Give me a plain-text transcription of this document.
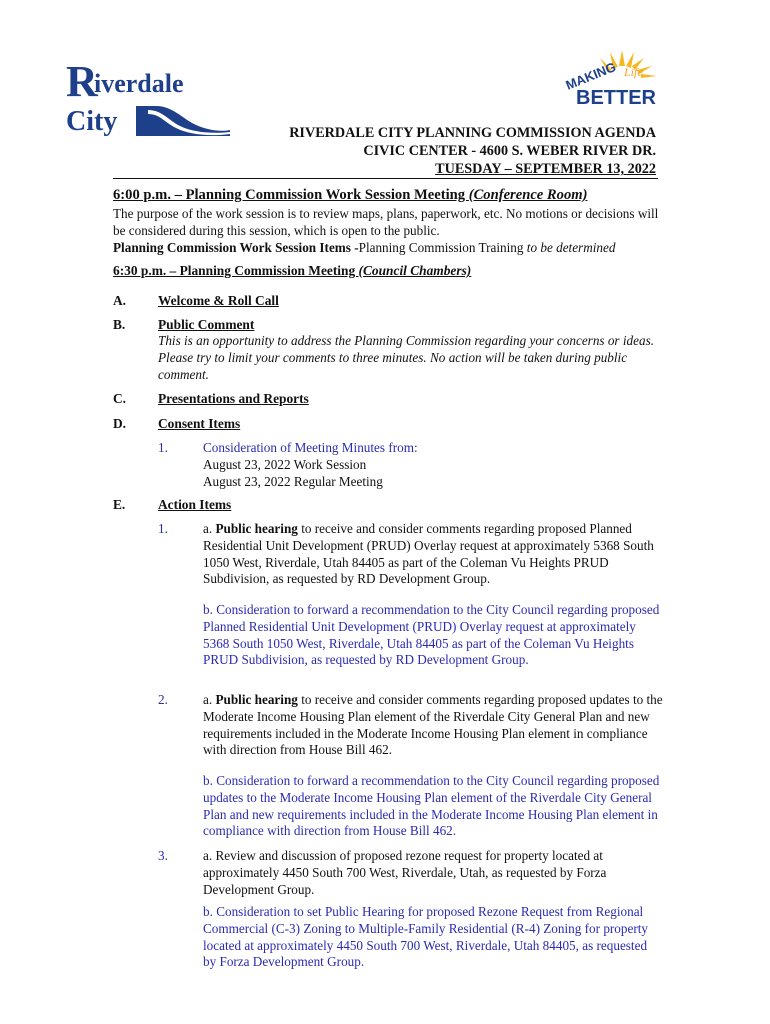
R
iverdale
City
MAKING Life
BETTER
RIVERDALE CITY PLANNING COMMISSION AGENDA
CIVIC CENTER - 4600 S. WEBER RIVER DR.
TUESDAY – SEPTEMBER 13, 2022
6:00 p.m. – Planning Commission Work Session Meeting (Conference Room)
The purpose of the work session is to review maps, plans, paperwork, etc. No motions or decisions will be considered during this session, which is open to the public.
Planning Commission Work Session Items -Planning Commission Training to be determined
6:30 p.m. – Planning Commission Meeting (Council Chambers)
A. Welcome & Roll Call
B. Public Comment
This is an opportunity to address the Planning Commission regarding your concerns or ideas. Please try to limit your comments to three minutes. No action will be taken during public comment.
C. Presentations and Reports
D. Consent Items
1.	Consideration of Meeting Minutes from:
August 23, 2022 Work Session
August 23, 2022 Regular Meeting
E. Action Items
1.	a. Public hearing to receive and consider comments regarding proposed Planned Residential Unit Development (PRUD) Overlay request at approximately 5368 South 1050 West, Riverdale, Utah 84405 as part of the Coleman Vu Heights PRUD Subdivision, as requested by RD Development Group.
b. Consideration to forward a recommendation to the City Council regarding proposed Planned Residential Unit Development (PRUD) Overlay request at approximately 5368 South 1050 West, Riverdale, Utah 84405 as part of the Coleman Vu Heights PRUD Subdivision, as requested by RD Development Group.
2.	a. Public hearing to receive and consider comments regarding proposed updates to the Moderate Income Housing Plan element of the Riverdale City General Plan and new requirements included in the Moderate Income Housing Plan element in compliance with direction from House Bill 462.
b. Consideration to forward a recommendation to the City Council regarding proposed updates to the Moderate Income Housing Plan element of the Riverdale City General Plan and new requirements included in the Moderate Income Housing Plan element in compliance with direction from House Bill 462.
3.	a. Review and discussion of proposed rezone request for property located at approximately 4450 South 700 West, Riverdale, Utah, as requested by Forza Development Group.
b. Consideration to set Public Hearing for proposed Rezone Request from Regional Commercial (C-3) Zoning to Multiple-Family Residential (R-4) Zoning for property located at approximately 4450 South 700 West, Riverdale, Utah 84405, as requested by Forza Development Group.
